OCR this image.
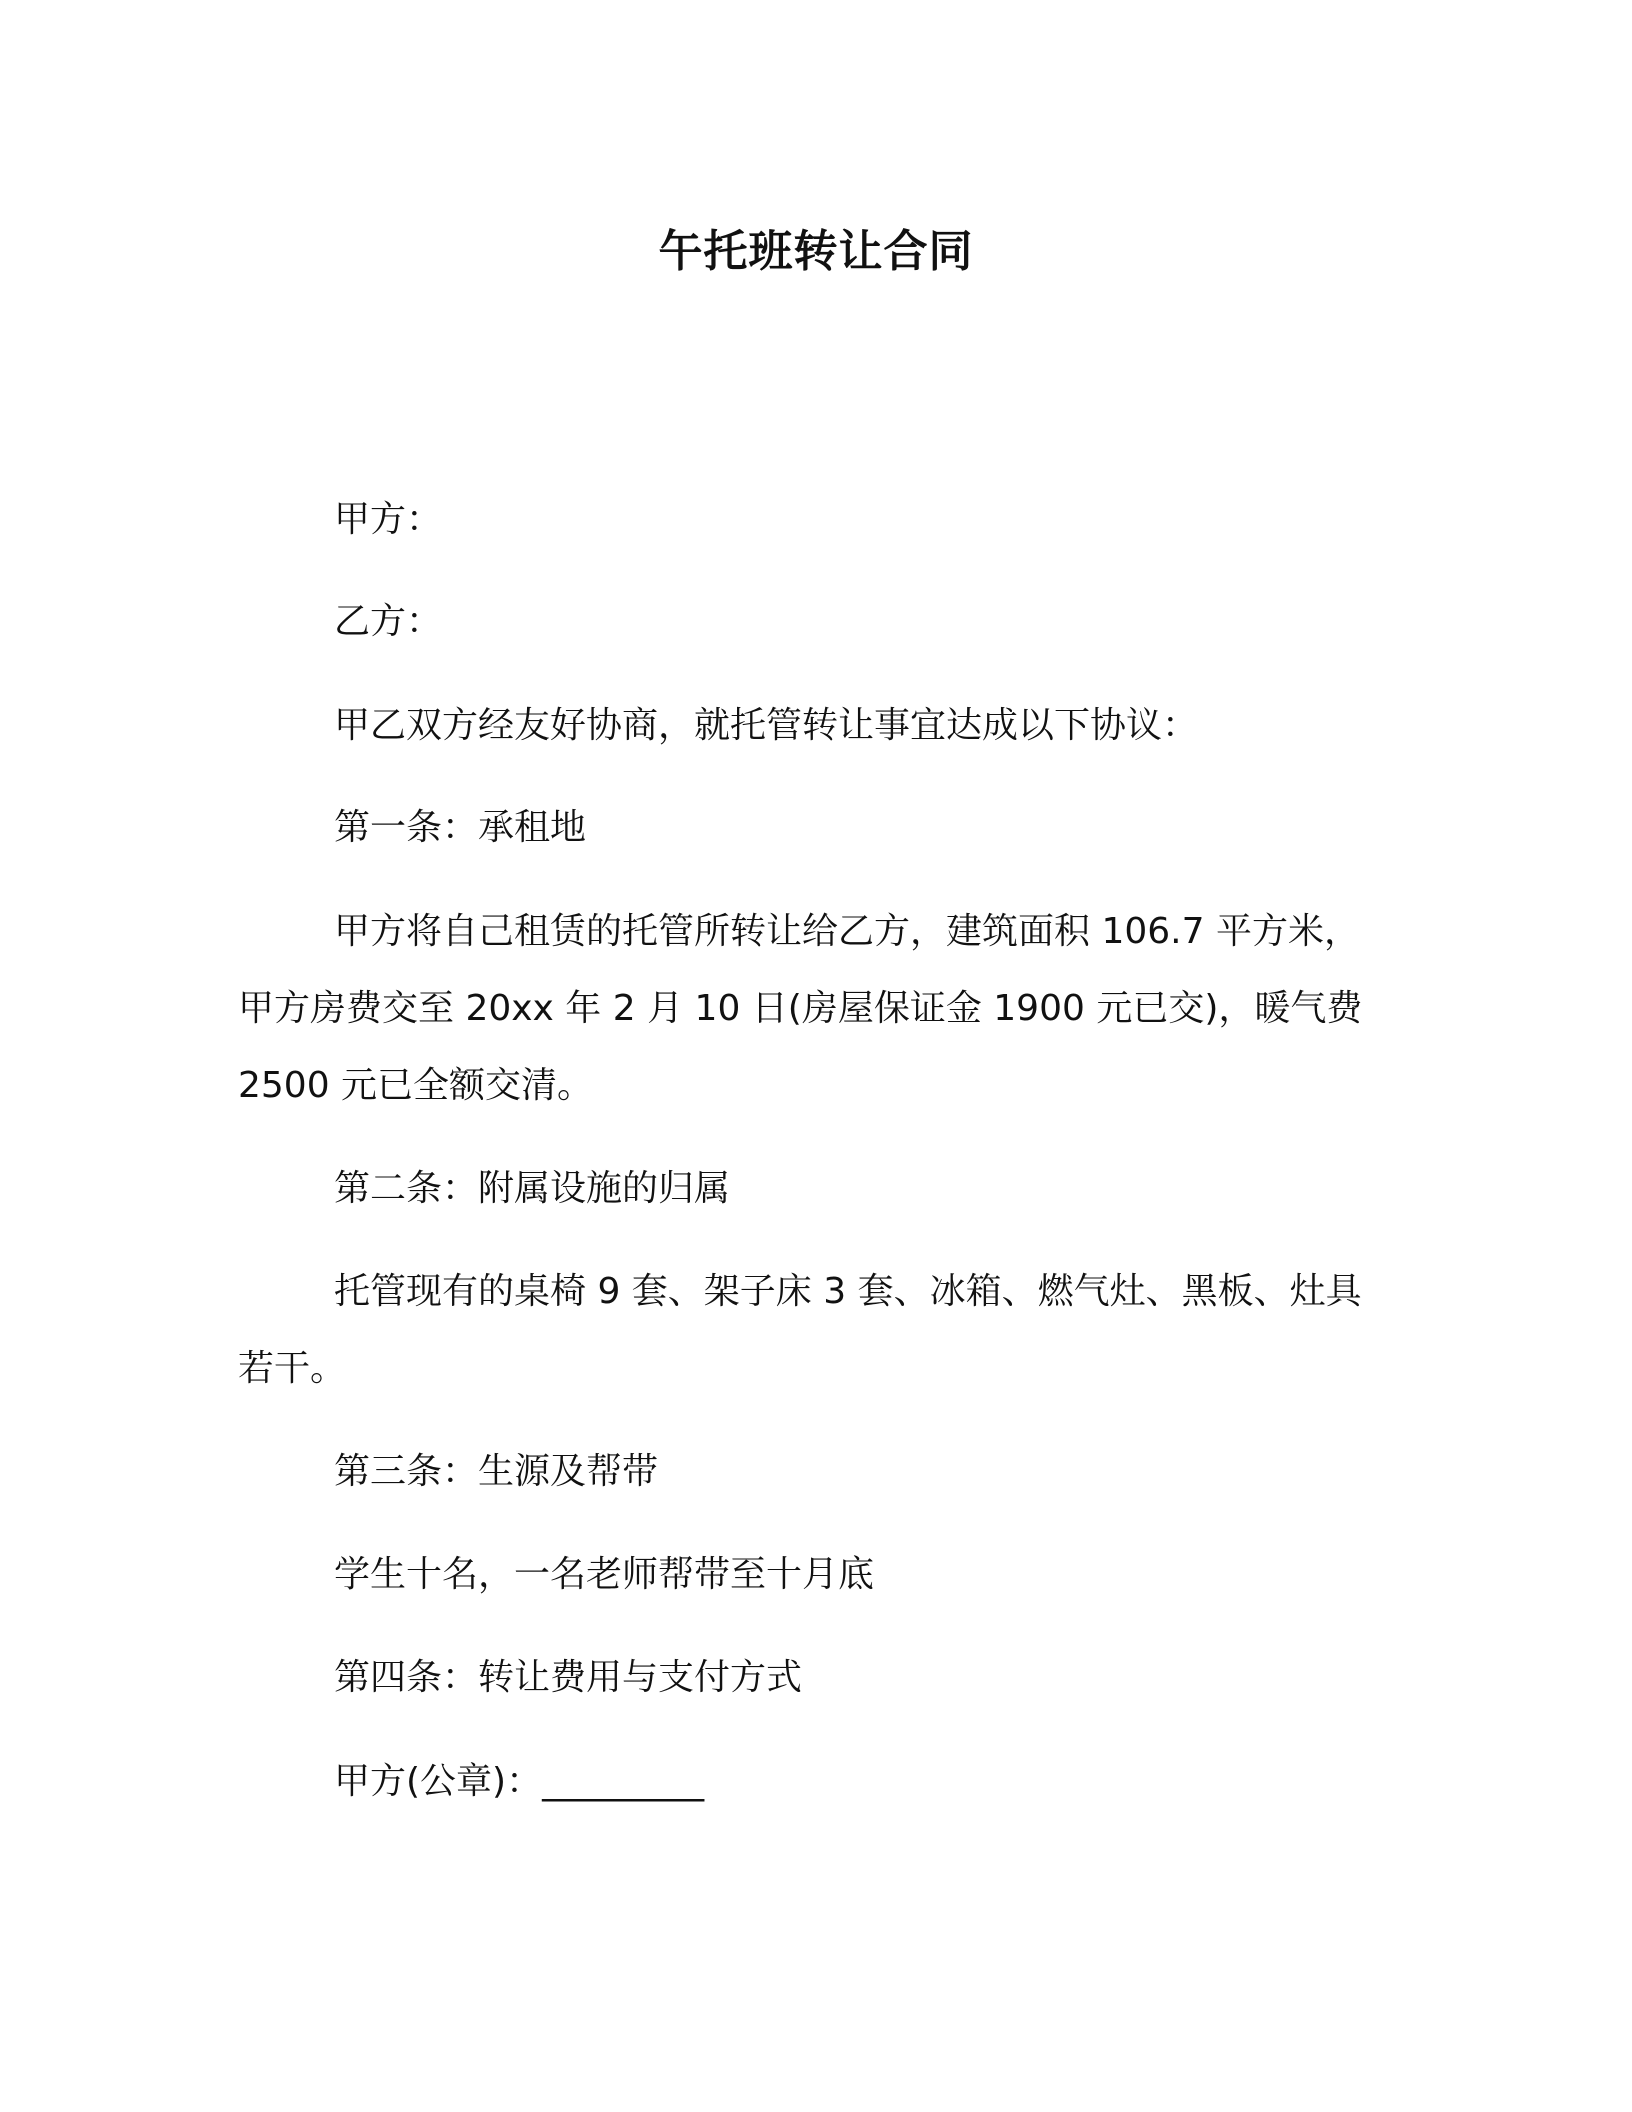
午托班转让合同
甲方：
乙方：
甲乙双方经友好协商，就托管转让事宜达成以下协议：
第一条：承租地
甲方将自己租赁的托管所转让给乙方，建筑面积 106.7 平方米，
甲方房费交至 20xx 年 2 月 10 日(房屋保证金 1900 元已交)，暖气费
2500 元已全额交清。
第二条：附属设施的归属
托管现有的桌椅 9 套、架子床 3 套、冰箱、燃气灶、黑板、灶具
若干。
第三条：生源及帮带
学生十名，一名老师帮带至十月底
第四条：转让费用与支付方式
甲方(公章)：_________
